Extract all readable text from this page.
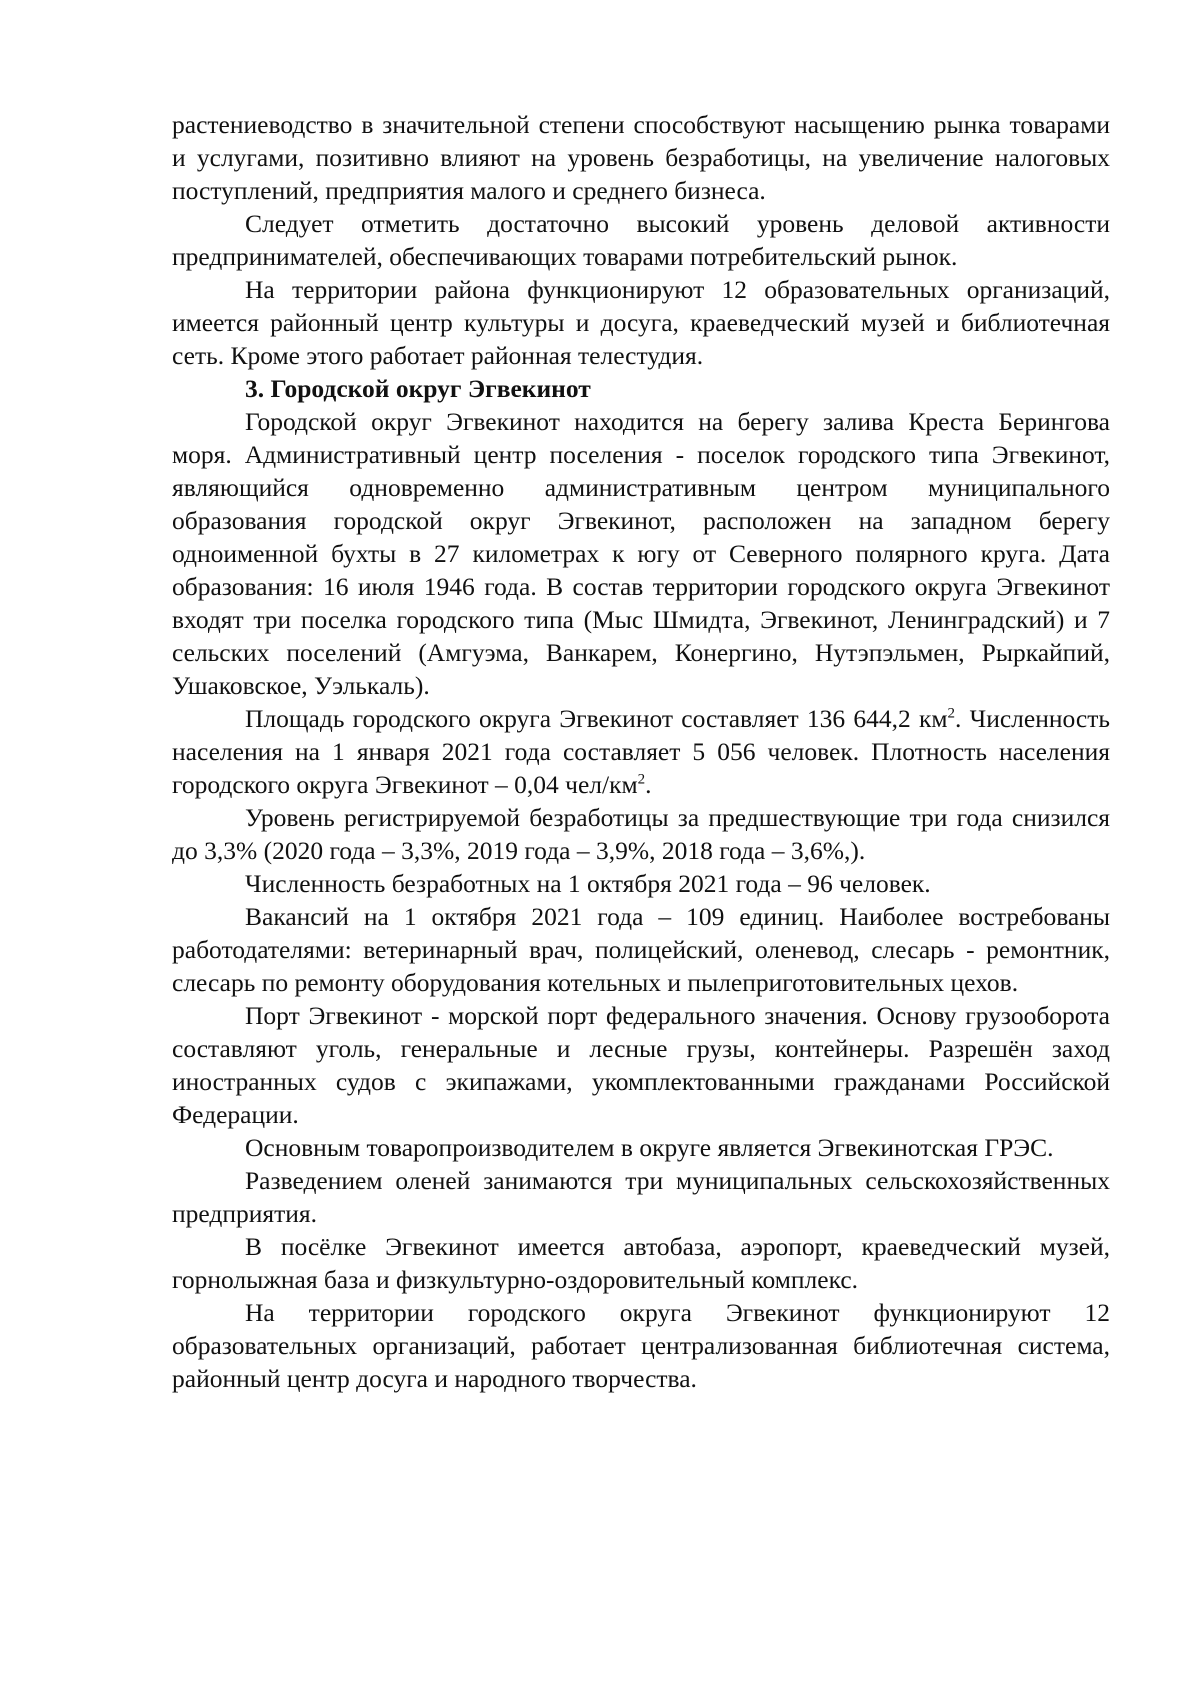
растениеводство в значительной степени способствуют насыщению рынка товарами и услугами, позитивно влияют на уровень безработицы, на увеличение налоговых поступлений, предприятия малого и среднего бизнеса.

Следует отметить достаточно высокий уровень деловой активности предпринимателей, обеспечивающих товарами потребительский рынок.

На территории района функционируют 12 образовательных организаций, имеется районный центр культуры и досуга, краеведческий музей и библиотечная сеть. Кроме этого работает районная телестудия.

3. Городской округ Эгвекинот

Городской округ Эгвекинот находится на берегу залива Креста Берингова моря. Административный центр поселения - поселок городского типа Эгвекинот, являющийся одновременно административным центром муниципального образования городской округ Эгвекинот, расположен на западном берегу одноименной бухты в 27 километрах к югу от Северного полярного круга. Дата образования: 16 июля 1946 года. В состав территории городского округа Эгвекинот входят три поселка городского типа (Мыс Шмидта, Эгвекинот, Ленинградский) и 7 сельских поселений (Амгуэма, Ванкарем, Конергино, Нутэпэльмен, Рыркайпий, Ушаковское, Уэлькаль).

Площадь городского округа Эгвекинот составляет 136 644,2 $км^2$. Численность населения на 1 января 2021 года составляет 5 056 человек. Плотность населения городского округа Эгвекинот – 0,04 чел/$км^2$.

Уровень регистрируемой безработицы за предшествующие три года снизился до 3,3% (2020 года – 3,3%, 2019 года – 3,9%, 2018 года – 3,6%,).

Численность безработных на 1 октября 2021 года – 96 человек.

Вакансий на 1 октября 2021 года – 109 единиц. Наиболее востребованы работодателями: ветеринарный врач, полицейский, оленевод, слесарь - ремонтник, слесарь по ремонту оборудования котельных и пылеприготовительных цехов.

Порт Эгвекинот - морской порт федерального значения. Основу грузооборота составляют уголь, генеральные и лесные грузы, контейнеры. Разрешён заход иностранных судов с экипажами, укомплектованными гражданами Российской Федерации.

Основным товаропроизводителем в округе является Эгвекинотская ГРЭС.

Разведением оленей занимаются три муниципальных сельскохозяйственных предприятия.

В посёлке Эгвекинот имеется автобаза, аэропорт, краеведческий музей, горнолыжная база и физкультурно-оздоровительный комплекс.

На территории городского округа Эгвекинот функционируют 12 образовательных организаций, работает централизованная библиотечная система, районный центр досуга и народного творчества.
